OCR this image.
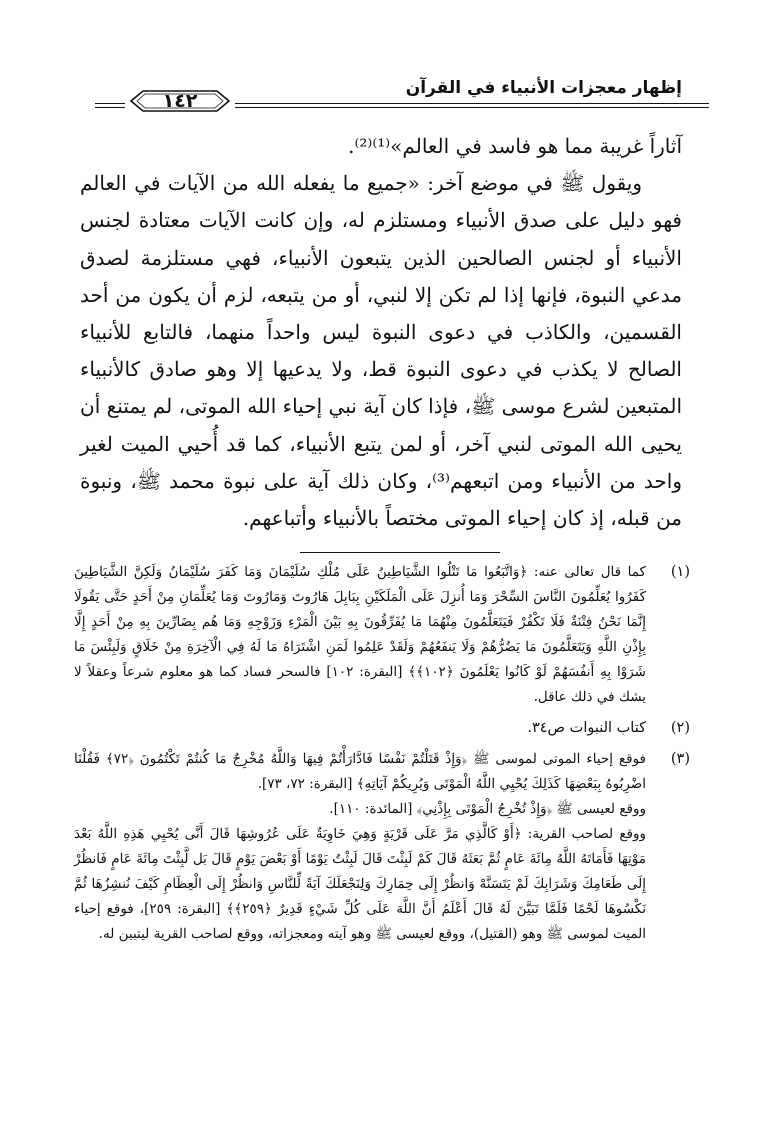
إظهار معجزات الأنبياء في القرآن
١٤٢

آثاراً غريبة مما هو فاسد في العالم»⁽¹⁾⁽²⁾.

ويقول ﷺ في موضع آخر: «جميع ما يفعله الله من الآيات في العالم فهو دليل على صدق الأنبياء ومستلزم له، وإن كانت الآيات معتادة لجنس الأنبياء أو لجنس الصالحين الذين يتبعون الأنبياء، فهي مستلزمة لصدق مدعي النبوة، فإنها إذا لم تكن إلا لنبي، أو من يتبعه، لزم أن يكون من أحد القسمين، والكاذب في دعوى النبوة ليس واحداً منهما، فالتابع للأنبياء الصالح لا يكذب في دعوى النبوة قط، ولا يدعيها إلا وهو صادق كالأنبياء المتبعين لشرع موسى ﷺ، فإذا كان آية نبي إحياء الله الموتى، لم يمتنع أن يحيى الله الموتى لنبي آخر، أو لمن يتبع الأنبياء، كما قد أُحيي الميت لغير واحد من الأنبياء ومن اتبعهم⁽³⁾، وكان ذلك آية على نبوة محمد ﷺ، ونبوة من قبله، إذ كان إحياء الموتى مختصاً بالأنبياء وأتباعهم.

(١)

كما قال تعالى عنه: ﴿وَاتَّبَعُوا مَا تَتْلُوا الشَّيَاطِينُ عَلَى مُلْكِ سُلَيْمَانَ وَمَا كَفَرَ سُلَيْمَانُ وَلَكِنَّ الشَّيَاطِينَ كَفَرُوا يُعَلِّمُونَ النَّاسَ السِّحْرَ وَمَا أُنزِلَ عَلَى الْمَلَكَيْنِ بِبَابِلَ هَارُوتَ وَمَارُوتَ وَمَا يُعَلِّمَانِ مِنْ أَحَدٍ حَتَّى يَقُولَا إِنَّمَا نَحْنُ فِتْنَةٌ فَلَا تَكْفُرْ فَيَتَعَلَّمُونَ مِنْهُمَا مَا يُفَرِّقُونَ بِهِ بَيْنَ الْمَرْءِ وَزَوْجِهِ وَمَا هُم بِضَارِّينَ بِهِ مِنْ أَحَدٍ إِلَّا بِإِذْنِ اللَّهِ وَيَتَعَلَّمُونَ مَا يَضُرُّهُمْ وَلَا يَنفَعُهُمْ وَلَقَدْ عَلِمُوا لَمَنِ اشْتَرَاهُ مَا لَهُ فِي الْآخِرَةِ مِنْ خَلَاقٍ وَلَبِئْسَ مَا شَرَوْا بِهِ أَنفُسَهُمْ لَوْ كَانُوا يَعْلَمُونَ ﴿١٠٢﴾﴾ [البقرة: ١٠٢] فالسحر فساد كما هو معلوم شرعاً وعقلاً لا يشك في ذلك عاقل.

(٢)

كتاب النبوات ص٣٤.

(٣)

فوقع إحياء الموتى لموسى ﷺ ﴿وَإِذْ قَتَلْتُمْ نَفْسًا فَادَّارَأْتُمْ فِيهَا وَاللَّهُ مُخْرِجٌ مَا كُنتُمْ تَكْتُمُونَ ﴿٧٢﴾ فَقُلْنَا اضْرِبُوهُ بِبَعْضِهَا كَذَلِكَ يُحْيِي اللَّهُ الْمَوْتَى وَيُرِيكُمْ آيَاتِهِ﴾ [البقرة: ٧٢، ٧٣].

ووقع لعيسى ﷺ ﴿وَإِذْ تُخْرِجُ الْمَوْتَى بِإِذْنِي﴾ [المائدة: ١١٠].

ووقع لصاحب القرية: ﴿أَوْ كَالَّذِي مَرَّ عَلَى قَرْيَةٍ وَهِيَ خَاوِيَةٌ عَلَى عُرُوشِهَا قَالَ أَنَّى يُحْيِي هَذِهِ اللَّهُ بَعْدَ مَوْتِهَا فَأَمَاتَهُ اللَّهُ مِائَةَ عَامٍ ثُمَّ بَعَثَهُ قَالَ كَمْ لَبِثْتَ قَالَ لَبِثْتُ يَوْمًا أَوْ بَعْضَ يَوْمٍ قَالَ بَل لَّبِثْتَ مِائَةَ عَامٍ فَانظُرْ إِلَى طَعَامِكَ وَشَرَابِكَ لَمْ يَتَسَنَّهْ وَانظُرْ إِلَى حِمَارِكَ وَلِنَجْعَلَكَ آيَةً لِّلنَّاسِ وَانظُرْ إِلَى الْعِظَامِ كَيْفَ نُنشِزُهَا ثُمَّ نَكْسُوهَا لَحْمًا فَلَمَّا تَبَيَّنَ لَهُ قَالَ أَعْلَمُ أَنَّ اللَّهَ عَلَى كُلِّ شَيْءٍ قَدِيرٌ ﴿٢٥٩﴾﴾ [البقرة: ٢٥٩]، فوقع إحياء الميت لموسى ﷺ وهو (القتيل)، ووقع لعيسى ﷺ وهو آيته ومعجزاته، ووقع لصاحب القرية ليتبين له.
